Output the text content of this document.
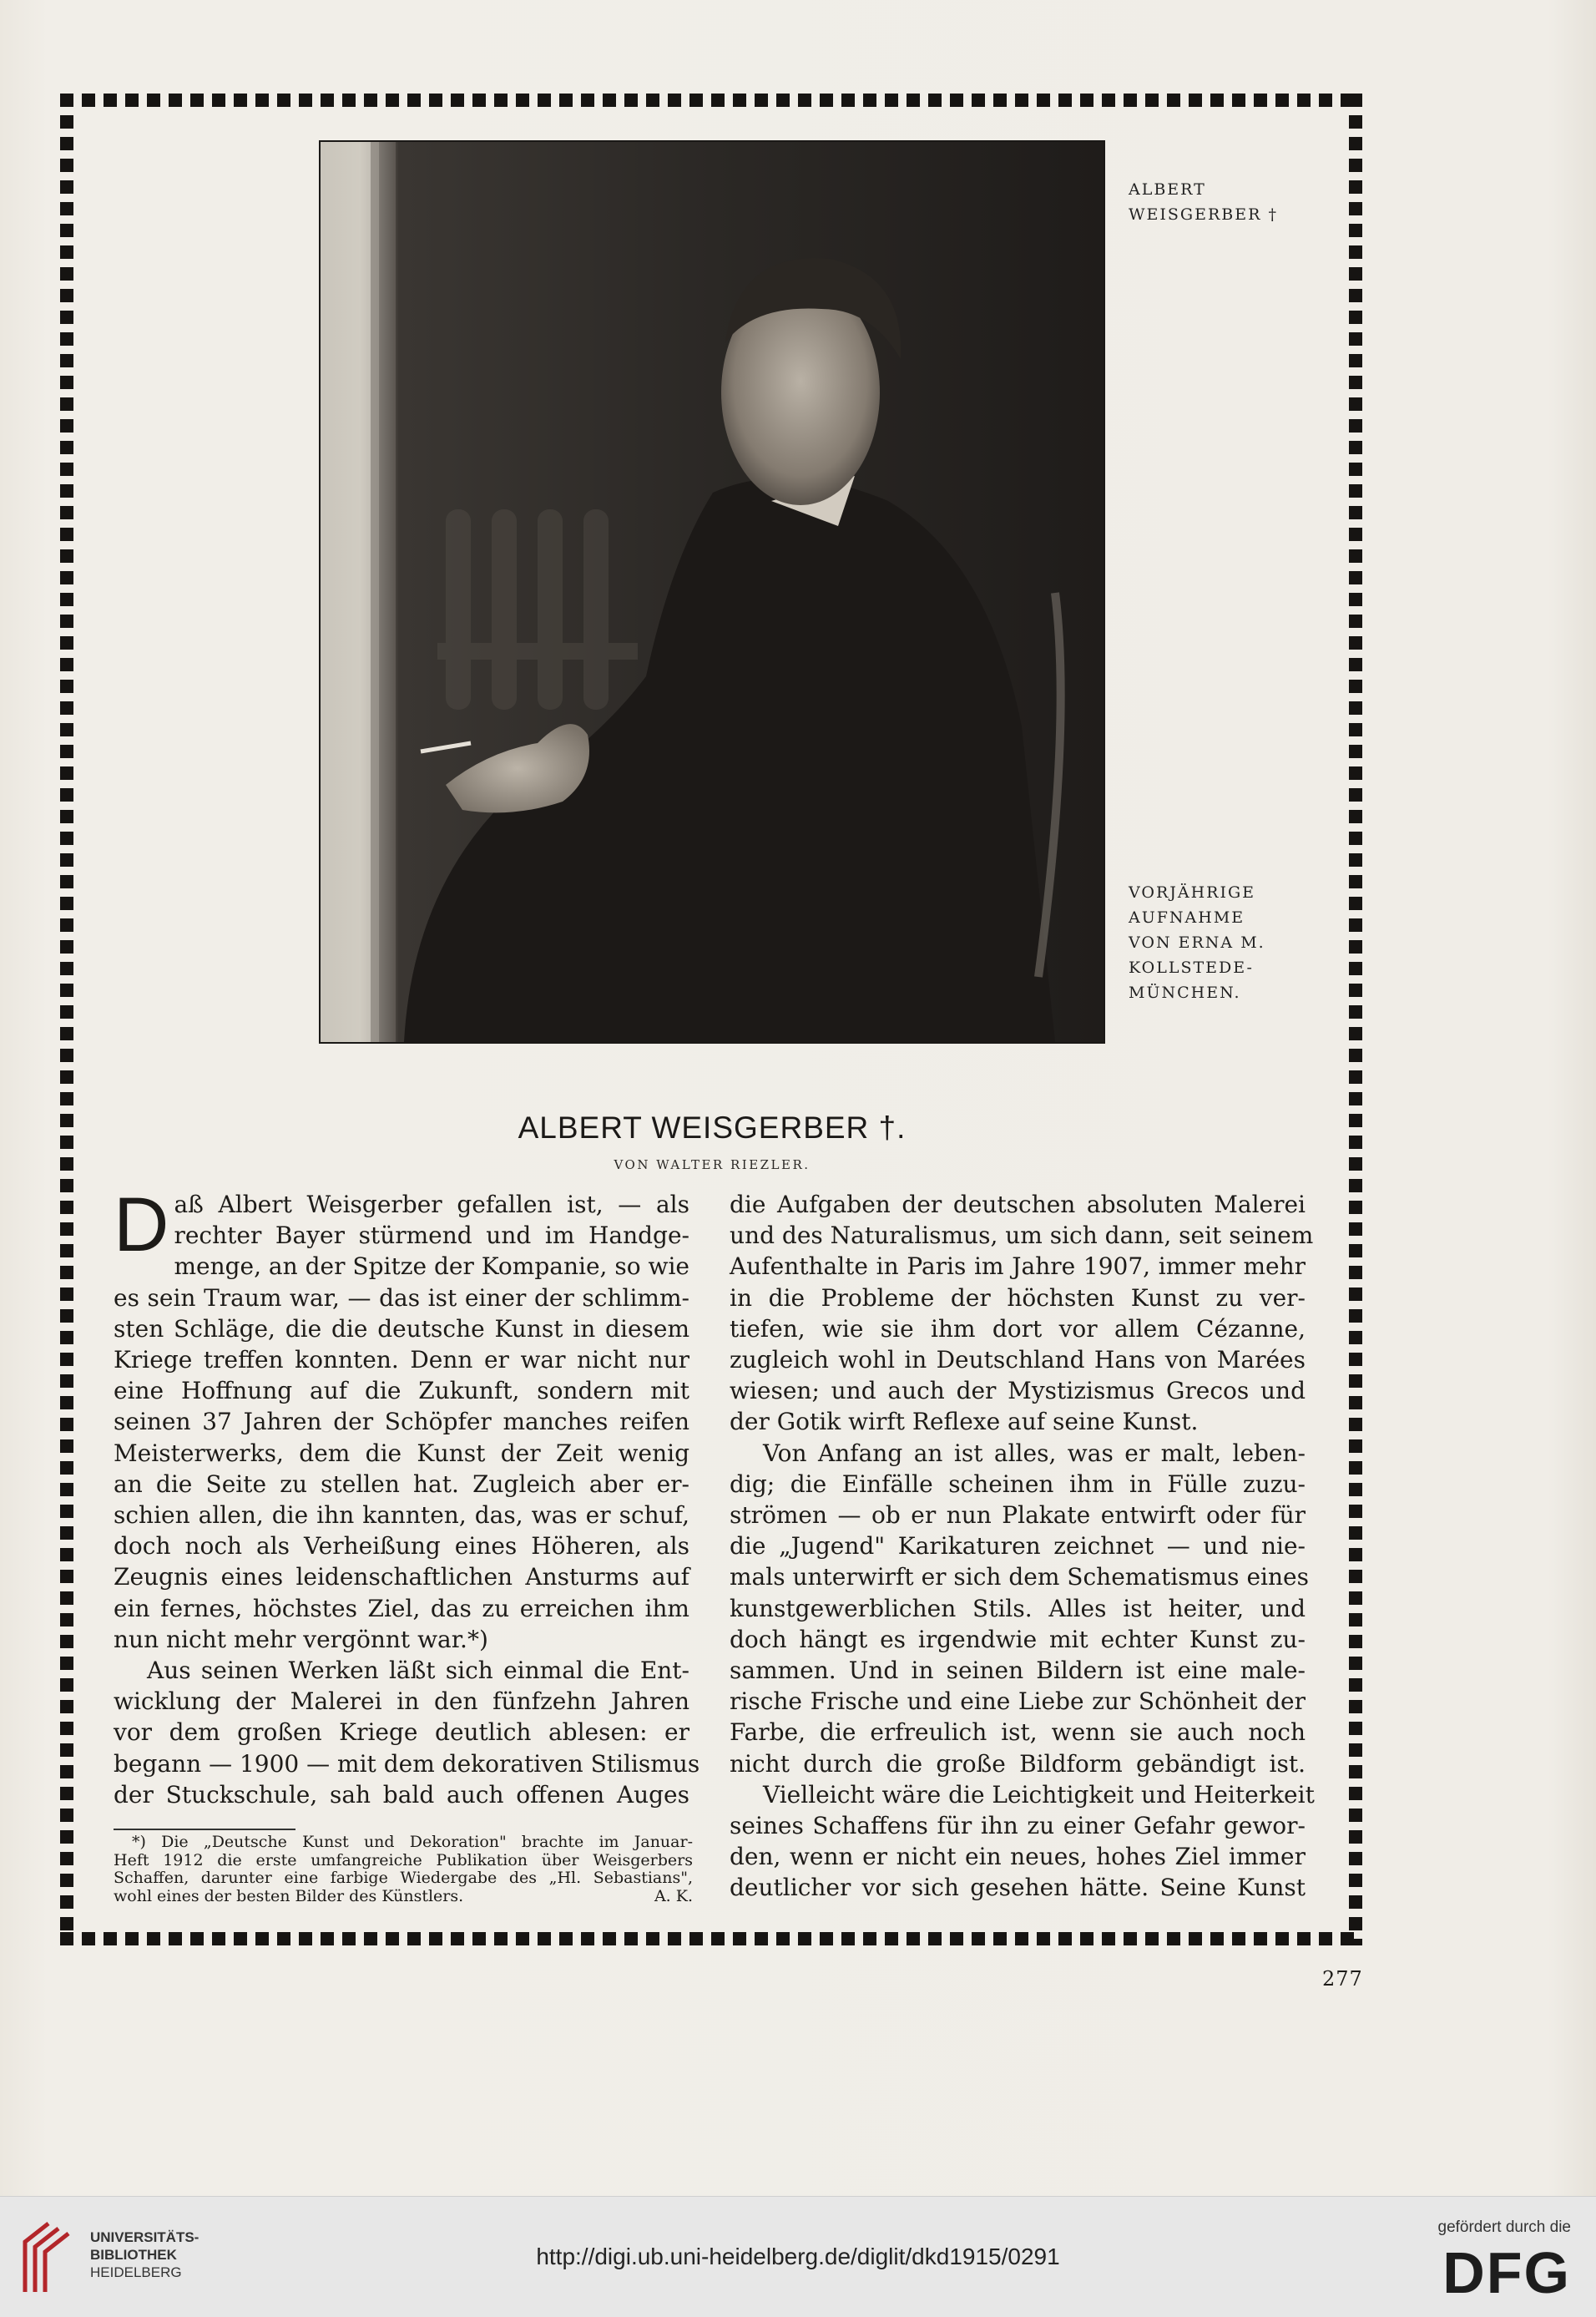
ALBERT
WEISGERBER †
VORJÄHRIGE
AUFNAHME
VON ERNA M.
KOLLSTEDE-
MÜNCHEN.
ALBERT WEISGERBER †.
VON WALTER RIEZLER.
D aß Albert Weisgerber gefallen ist, — als
rechter Bayer stürmend und im Handge-
menge, an der Spitze der Kompanie, so wie
es sein Traum war, — das ist einer der schlimm-
sten Schläge, die die deutsche Kunst in diesem
Kriege treffen konnten. Denn er war nicht nur
eine Hoffnung auf die Zukunft, sondern mit
seinen 37 Jahren der Schöpfer manches reifen
Meisterwerks, dem die Kunst der Zeit wenig
an die Seite zu stellen hat. Zugleich aber er-
schien allen, die ihn kannten, das, was er schuf,
doch noch als Verheißung eines Höheren, als
Zeugnis eines leidenschaftlichen Ansturms auf
ein fernes, höchstes Ziel, das zu erreichen ihm
nun nicht mehr vergönnt war.*)
Aus seinen Werken läßt sich einmal die Ent-
wicklung der Malerei in den fünfzehn Jahren
vor dem großen Kriege deutlich ablesen: er
begann — 1900 — mit dem dekorativen Stilismus
der Stuckschule, sah bald auch offenen Auges
die Aufgaben der deutschen absoluten Malerei
und des Naturalismus, um sich dann, seit seinem
Aufenthalte in Paris im Jahre 1907, immer mehr
in die Probleme der höchsten Kunst zu ver-
tiefen, wie sie ihm dort vor allem Cézanne,
zugleich wohl in Deutschland Hans von Marées
wiesen; und auch der Mystizismus Grecos und
der Gotik wirft Reflexe auf seine Kunst.
Von Anfang an ist alles, was er malt, leben-
dig; die Einfälle scheinen ihm in Fülle zuzu-
strömen — ob er nun Plakate entwirft oder für
die „Jugend" Karikaturen zeichnet — und nie-
mals unterwirft er sich dem Schematismus eines
kunstgewerblichen Stils. Alles ist heiter, und
doch hängt es irgendwie mit echter Kunst zu-
sammen. Und in seinen Bildern ist eine male-
rische Frische und eine Liebe zur Schönheit der
Farbe, die erfreulich ist, wenn sie auch noch
nicht durch die große Bildform gebändigt ist.
Vielleicht wäre die Leichtigkeit und Heiterkeit
seines Schaffens für ihn zu einer Gefahr gewor-
den, wenn er nicht ein neues, hohes Ziel immer
deutlicher vor sich gesehen hätte. Seine Kunst
*) Die „Deutsche Kunst und Dekoration" brachte im Januar-
Heft 1912 die erste umfangreiche Publikation über Weisgerbers
Schaffen, darunter eine farbige Wiedergabe des „Hl. Sebastians",
wohl eines der besten Bilder des Künstlers.	A. K.
277
UNIVERSITÄTS-
BIBLIOTHEK
HEIDELBERG
http://digi.ub.uni-heidelberg.de/diglit/dkd1915/0291
gefördert durch die
DFG
